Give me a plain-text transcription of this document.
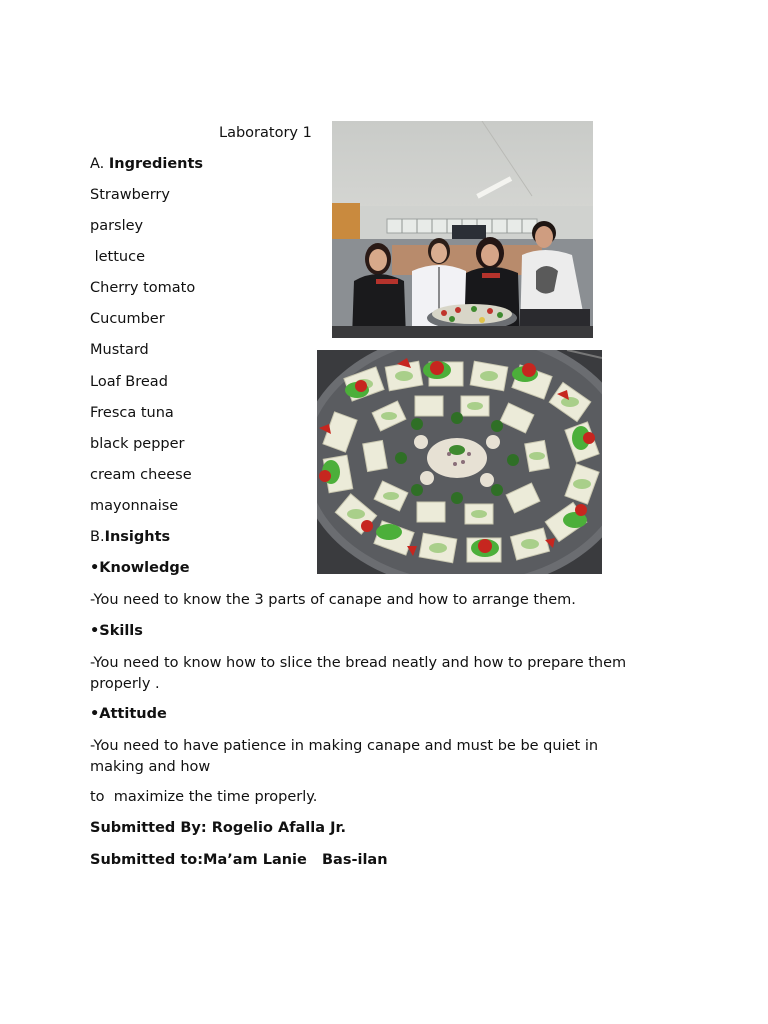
Laboratory 1
A. Ingredients
Strawberry
parsley
lettuce
Cherry tomato
Cucumber
Mustard
Loaf Bread
Fresca tuna
black pepper
cream cheese
mayonnaise
B.Insights
•Knowledge
-You need to know the 3 parts of canape and how to arrange them.
•Skills
-You need to know how to slice the bread neatly and how to prepare them properly .
•Attitude
-You need to have patience in making canape and must be be quiet in making and how
to  maximize the time properly.
Submitted By: Rogelio Afalla Jr.
Submitted to:Ma’am Lanie   Bas-ilan
